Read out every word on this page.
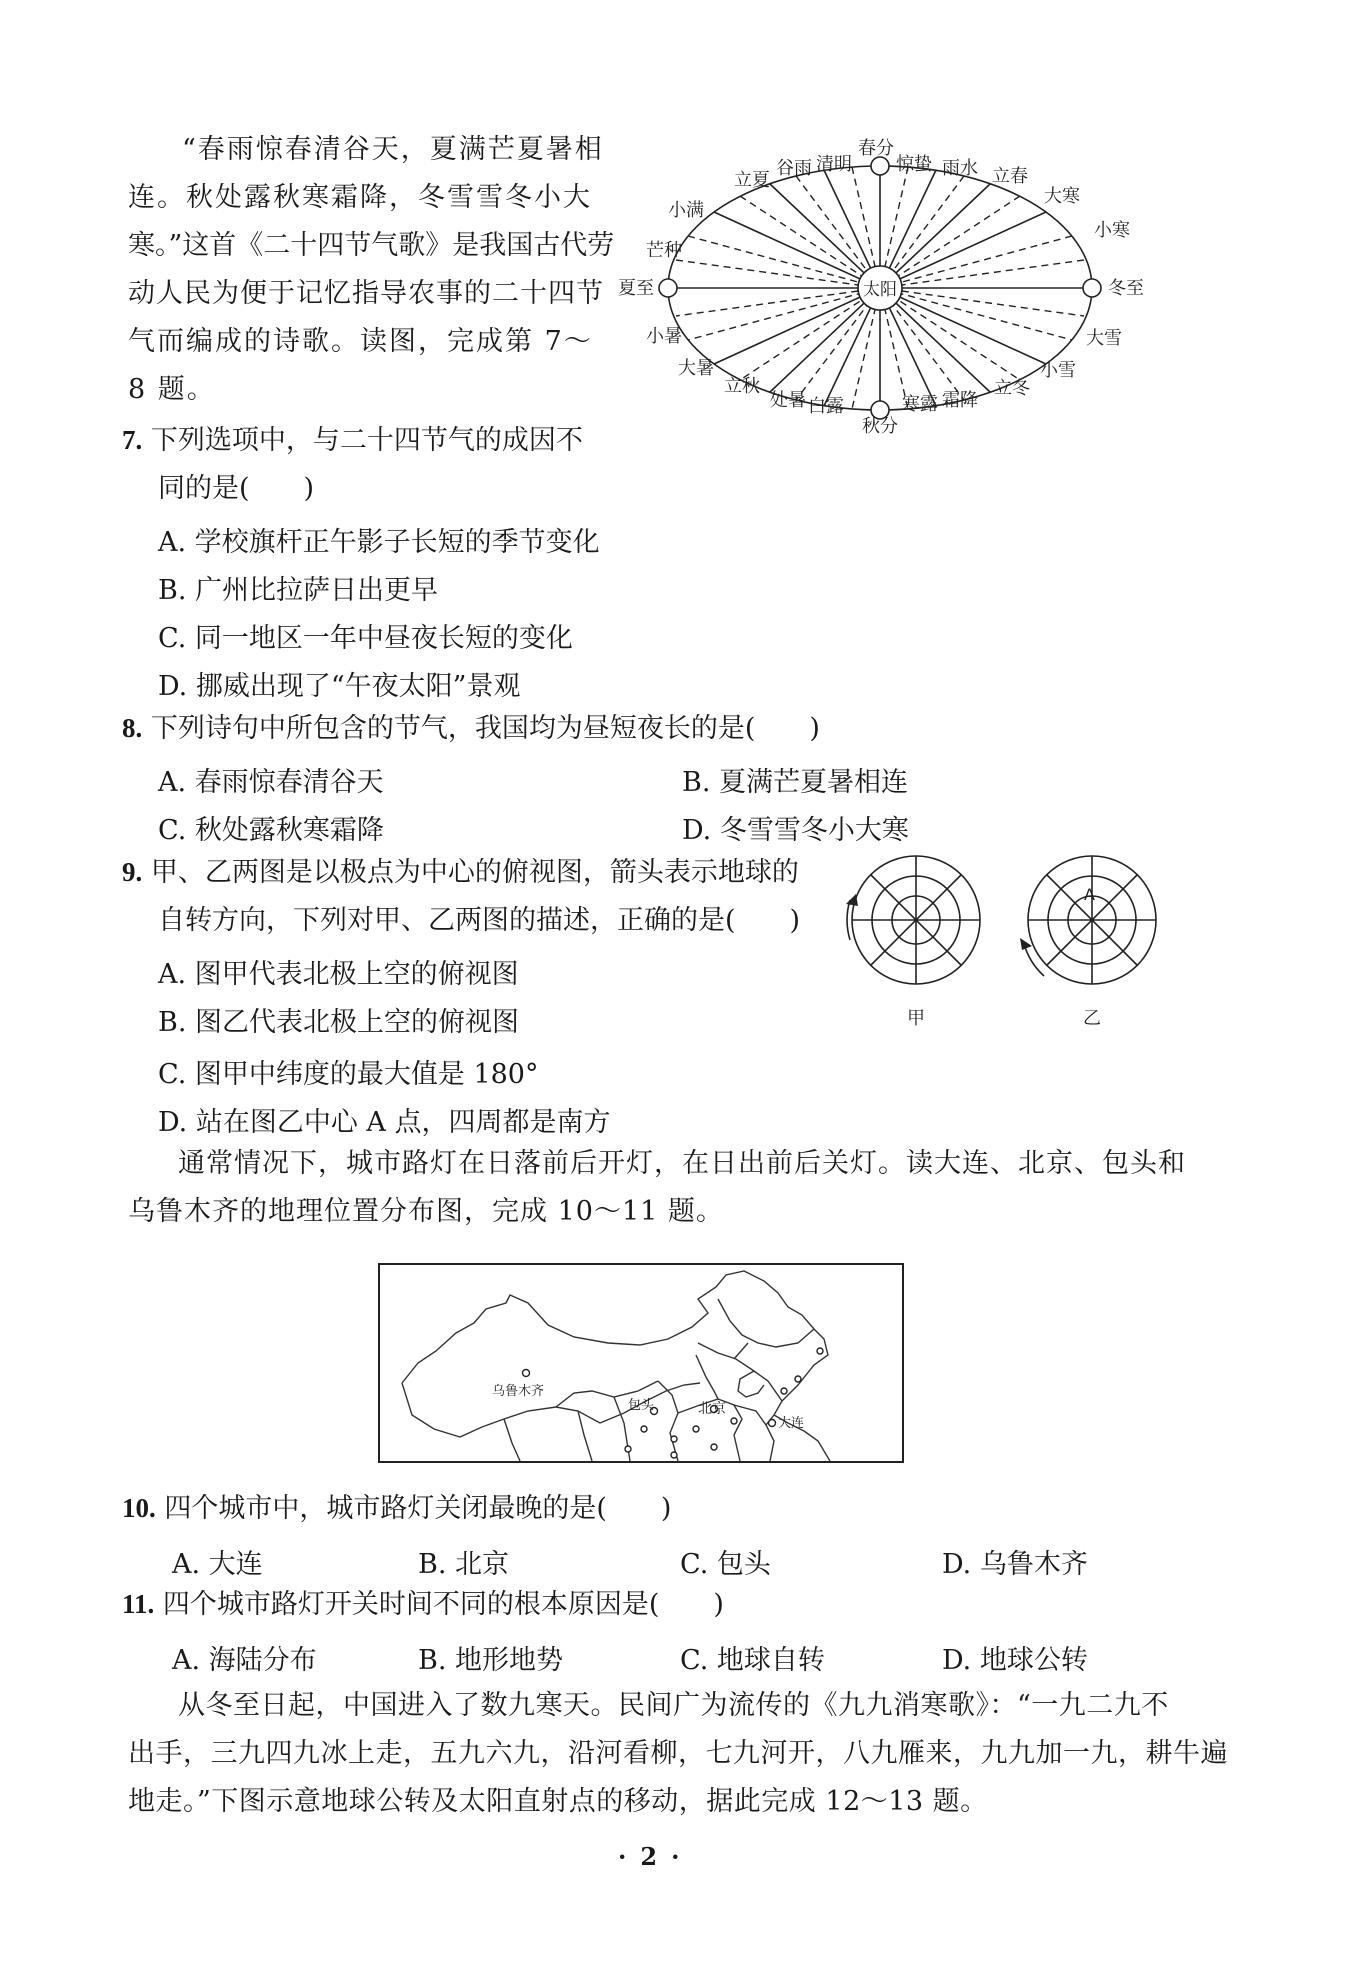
“春雨惊春清谷天，夏满芒夏暑相
连。秋处露秋寒霜降，冬雪雪冬小大
寒。”这首《二十四节气歌》是我国古代劳
动人民为便于记忆指导农事的二十四节
气而编成的诗歌。读图，完成第 7～
8 题。
太阳
春分
惊蛰 雨水 立春
大寒
小寒
冬至
大雪
小雪
立冬
霜降
寒露
秋分
白露
处暑
立秋
大暑
小暑
夏至
芒种
小满
立夏
谷雨 清明
7. 下列选项中，与二十四节气的成因不
同的是(　　)
A. 学校旗杆正午影子长短的季节变化
B. 广州比拉萨日出更早
C. 同一地区一年中昼夜长短的变化
D. 挪威出现了“午夜太阳”景观
8. 下列诗句中所包含的节气，我国均为昼短夜长的是(　　)
A. 春雨惊春清谷天	B. 夏满芒夏暑相连
C. 秋处露秋寒霜降	D. 冬雪雪冬小大寒
9. 甲、乙两图是以极点为中心的俯视图，箭头表示地球的
自转方向，下列对甲、乙两图的描述，正确的是(　　)
A. 图甲代表北极上空的俯视图
B. 图乙代表北极上空的俯视图
C. 图甲中纬度的最大值是 180°
D. 站在图乙中心 A 点，四周都是南方
甲
A
乙
通常情况下，城市路灯在日落前后开灯，在日出前后关灯。读大连、北京、包头和
乌鲁木齐的地理位置分布图，完成 10～11 题。
乌鲁木齐
包头	北京
大连
10. 四个城市中，城市路灯关闭最晚的是(　　)
A. 大连	B. 北京	C. 包头	D. 乌鲁木齐
11. 四个城市路灯开关时间不同的根本原因是(　　)
A. 海陆分布	B. 地形地势	C. 地球自转	D. 地球公转
从冬至日起，中国进入了数九寒天。民间广为流传的《九九消寒歌》：“一九二九不
出手，三九四九冰上走，五九六九，沿河看柳，七九河开，八九雁来，九九加一九，耕牛遍
地走。”下图示意地球公转及太阳直射点的移动，据此完成 12～13 题。
·2·
